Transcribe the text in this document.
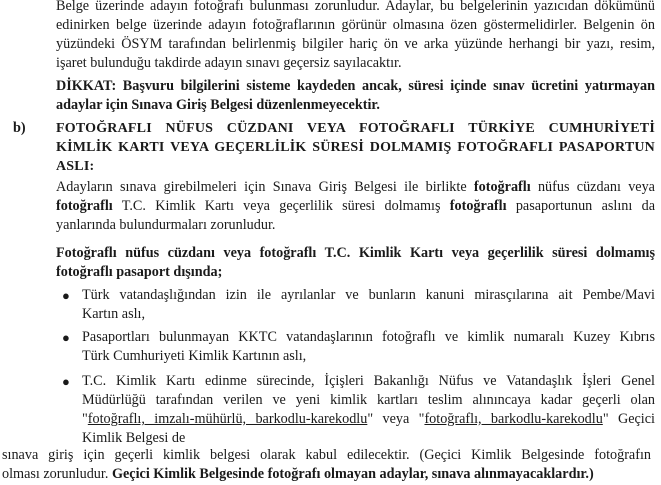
Belge üzerinde adayın fotoğrafı bulunması zorunludur. Adaylar, bu belgelerinin yazıcıdan dökümünü
edinirken belge üzerinde adayın fotoğraflarının görünür olmasına özen göstermelidirler. Belgenin ön
yüzündeki ÖSYM tarafından belirlenmiş bilgiler hariç ön ve arka yüzünde herhangi bir yazı, resim,
işaret bulunduğu takdirde adayın sınavı geçersiz sayılacaktır.
DİKKAT: Başvuru bilgilerini sisteme kaydeden ancak, süresi içinde sınav ücretini yatırmayan
adaylar için Sınava Giriş Belgesi düzenlenmeyecektir.
b) FOTOĞRAFLI NÜFUS CÜZDANI VEYA FOTOĞRAFLI TÜRKİYE CUMHURİYETİ
KİMLİK KARTI VEYA GEÇERLİLİK SÜRESİ DOLMAMIŞ FOTOĞRAFLI PASAPORTUN
ASLI:
Adayların sınava girebilmeleri için Sınava Giriş Belgesi ile birlikte fotoğraflı nüfus cüzdanı veya
fotoğraflı T.C. Kimlik Kartı veya geçerlilik süresi dolmamış fotoğraflı pasaportunun aslını da
yanlarında bulundurmaları zorunludur.
Fotoğraflı nüfus cüzdanı veya fotoğraflı T.C. Kimlik Kartı veya geçerlilik süresi dolmamış
fotoğraflı pasaport dışında;
● Türk vatandaşlığından izin ile ayrılanlar ve bunların kanuni mirasçılarına ait Pembe/Mavi
Kartın aslı,
● Pasaportları bulunmayan KKTC vatandaşlarının fotoğraflı ve kimlik numaralı Kuzey Kıbrıs
Türk Cumhuriyeti Kimlik Kartının aslı,
● T.C. Kimlik Kartı edinme sürecinde, İçişleri Bakanlığı Nüfus ve Vatandaşlık İşleri Genel
Müdürlüğü tarafından verilen ve yeni kimlik kartları teslim alınıncaya kadar geçerli olan
"fotoğraflı, imzalı-mühürlü, barkodlu-karekodlu" veya "fotoğraflı, barkodlu-karekodlu" Geçici
Kimlik Belgesi de
sınava giriş için geçerli kimlik belgesi olarak kabul edilecektir. (Geçici Kimlik Belgesinde fotoğrafın
olması zorunludur. Geçici Kimlik Belgesinde fotoğrafı olmayan adaylar, sınava alınmayacaklardır.)
